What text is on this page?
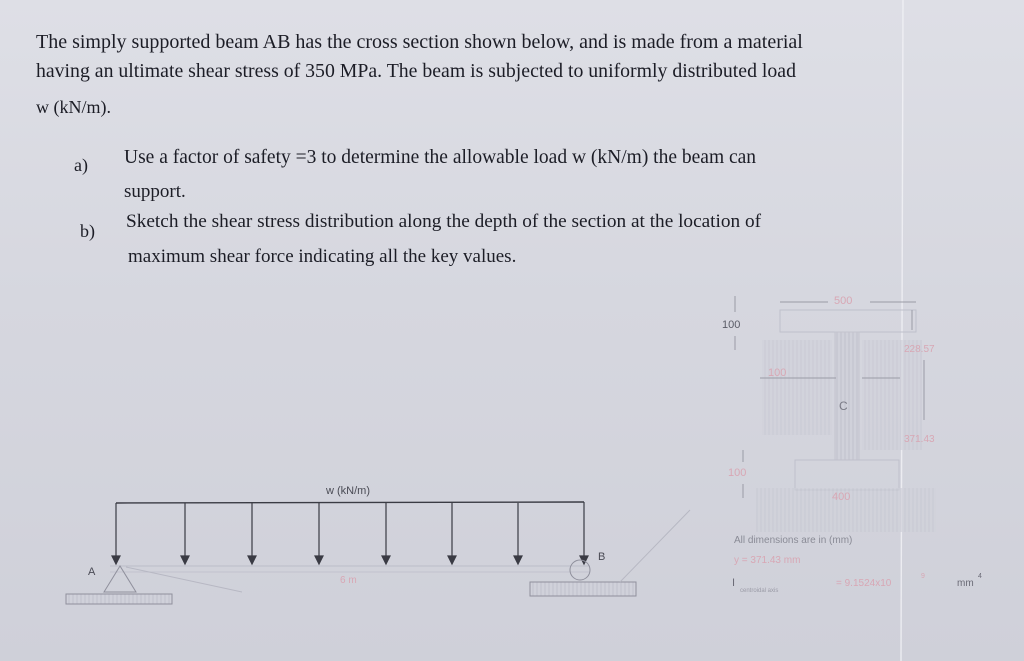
The simply supported beam AB has the cross section shown below, and is made from a material
having an ultimate shear stress of 350 MPa. The beam is subjected to uniformly distributed load
w (kN/m).
a) Use a factor of safety =3 to determine the allowable load w (kN/m) the beam can
support.
b) Sketch the shear stress distribution along the depth of the section at the location of
maximum shear force indicating all the key values.
w (kN/m)
A
B
6 m
100
500
100
100
400
228.57
371.43
C
All dimensions are in (mm)
y = 371.43 mm
I
centroidal axis
= 9.1524x10
9
mm
4
